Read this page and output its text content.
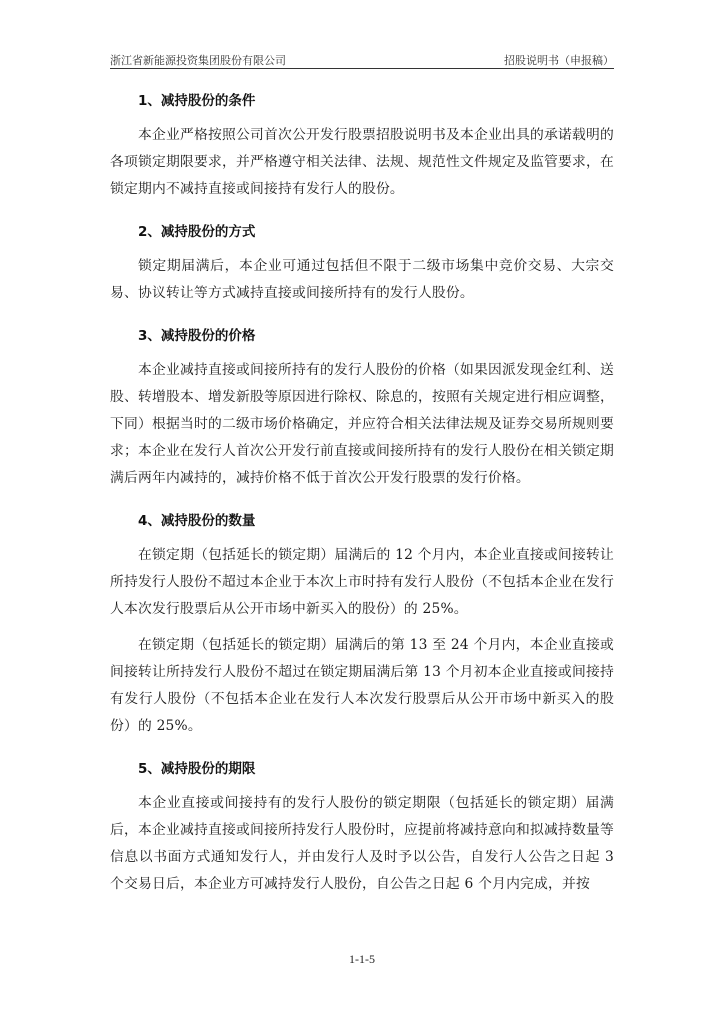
浙江省新能源投资集团股份有限公司	招股说明书（申报稿）
1、减持股份的条件

本企业严格按照公司首次公开发行股票招股说明书及本企业出具的承诺载明的各项锁定期限要求，并严格遵守相关法律、法规、规范性文件规定及监管要求，在锁定期内不减持直接或间接持有发行人的股份。

2、减持股份的方式

锁定期届满后，本企业可通过包括但不限于二级市场集中竞价交易、大宗交易、协议转让等方式减持直接或间接所持有的发行人股份。

3、减持股份的价格

本企业减持直接或间接所持有的发行人股份的价格（如果因派发现金红利、送股、转增股本、增发新股等原因进行除权、除息的，按照有关规定进行相应调整，下同）根据当时的二级市场价格确定，并应符合相关法律法规及证券交易所规则要求；本企业在发行人首次公开发行前直接或间接所持有的发行人股份在相关锁定期满后两年内减持的，减持价格不低于首次公开发行股票的发行价格。

4、减持股份的数量

在锁定期（包括延长的锁定期）届满后的 12 个月内，本企业直接或间接转让所持发行人股份不超过本企业于本次上市时持有发行人股份（不包括本企业在发行人本次发行股票后从公开市场中新买入的股份）的 25%。

在锁定期（包括延长的锁定期）届满后的第 13 至 24 个月内，本企业直接或间接转让所持发行人股份不超过在锁定期届满后第 13 个月初本企业直接或间接持有发行人股份（不包括本企业在发行人本次发行股票后从公开市场中新买入的股份）的 25%。

5、减持股份的期限

本企业直接或间接持有的发行人股份的锁定期限（包括延长的锁定期）届满后，本企业减持直接或间接所持发行人股份时，应提前将减持意向和拟减持数量等信息以书面方式通知发行人，并由发行人及时予以公告，自发行人公告之日起 3 个交易日后，本企业方可减持发行人股份，自公告之日起 6 个月内完成，并按

1-1-5
